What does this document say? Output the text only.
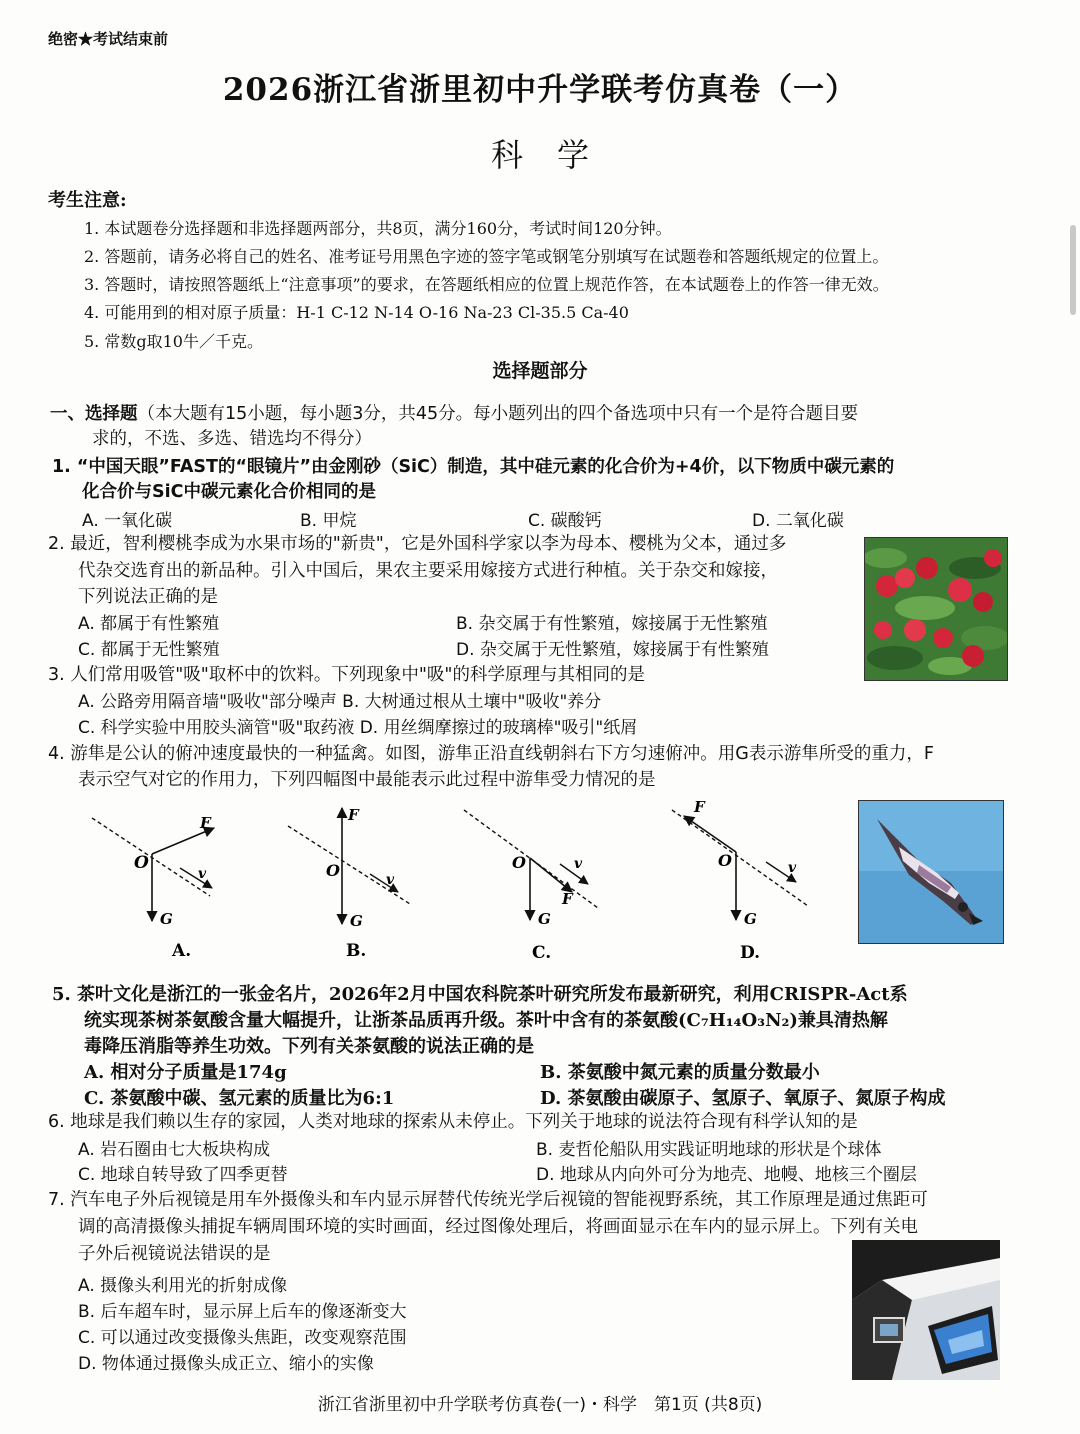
绝密★考试结束前
2026浙江省浙里初中升学联考仿真卷（一）
科学
考生注意:
1. 本试题卷分选择题和非选择题两部分，共8页，满分160分，考试时间120分钟。
2. 答题前，请务必将自己的姓名、准考证号用黑色字迹的签字笔或钢笔分别填写在试题卷和答题纸规定的位置上。
3. 答题时，请按照答题纸上“注意事项”的要求，在答题纸相应的位置上规范作答，在本试题卷上的作答一律无效。
4. 可能用到的相对原子质量：H-1 C-12 N-14 O-16 Na-23 Cl-35.5 Ca-40
5. 常数g取10牛／千克。
选择题部分
一、选择题（本大题有15小题，每小题3分，共45分。每小题列出的四个备选项中只有一个是符合题目要
求的，不选、多选、错选均不得分）
1. “中国天眼”FAST的“眼镜片”由金刚砂（SiC）制造，其中硅元素的化合价为+4价，以下物质中碳元素的
化合价与SiC中碳元素化合价相同的是
A. 一氧化碳	B. 甲烷	C. 碳酸钙	D. 二氧化碳
2. 最近，智利樱桃李成为水果市场的"新贵"，它是外国科学家以李为母本、樱桃为父本，通过多
代杂交选育出的新品种。引入中国后，果农主要采用嫁接方式进行种植。关于杂交和嫁接，
下列说法正确的是
A. 都属于有性繁殖	B. 杂交属于有性繁殖，嫁接属于无性繁殖
C. 都属于无性繁殖	D. 杂交属于无性繁殖，嫁接属于有性繁殖
3. 人们常用吸管"吸"取杯中的饮料。下列现象中"吸"的科学原理与其相同的是
A. 公路旁用隔音墙"吸收"部分噪声 B. 大树通过根从土壤中"吸收"养分
C. 科学实验中用胶头滴管"吸"取药液 D. 用丝绸摩擦过的玻璃棒"吸引"纸屑
4. 游隼是公认的俯冲速度最快的一种猛禽。如图，游隼正沿直线朝斜右下方匀速俯冲。用G表示游隼所受的重力，F
表示空气对它的作用力，下列四幅图中最能表示此过程中游隼受力情况的是
O
F
v
G
A.
O
F
v
G
B.
O
F
v
G
C.
O
F
v
G
D.
5. 茶叶文化是浙江的一张金名片，2026年2月中国农科院茶叶研究所发布最新研究，利用CRISPR-Act系
统实现茶树茶氨酸含量大幅提升，让浙茶品质再升级。茶叶中含有的茶氨酸(C₇H₁₄O₃N₂)兼具清热解
毒降压消脂等养生功效。下列有关茶氨酸的说法正确的是
A. 相对分子质量是174g	B. 茶氨酸中氮元素的质量分数最小
C. 茶氨酸中碳、氢元素的质量比为6:1	D. 茶氨酸由碳原子、氢原子、氧原子、氮原子构成
6. 地球是我们赖以生存的家园，人类对地球的探索从未停止。下列关于地球的说法符合现有科学认知的是
A. 岩石圈由七大板块构成	B. 麦哲伦船队用实践证明地球的形状是个球体
C. 地球自转导致了四季更替	D. 地球从内向外可分为地壳、地幔、地核三个圈层
7. 汽车电子外后视镜是用车外摄像头和车内显示屏替代传统光学后视镜的智能视野系统，其工作原理是通过焦距可
调的高清摄像头捕捉车辆周围环境的实时画面，经过图像处理后，将画面显示在车内的显示屏上。下列有关电
子外后视镜说法错误的是
A. 摄像头利用光的折射成像
B. 后车超车时，显示屏上后车的像逐渐变大
C. 可以通过改变摄像头焦距，改变观察范围
D. 物体通过摄像头成正立、缩小的实像
浙江省浙里初中升学联考仿真卷(一)・科学　第1页 (共8页)
